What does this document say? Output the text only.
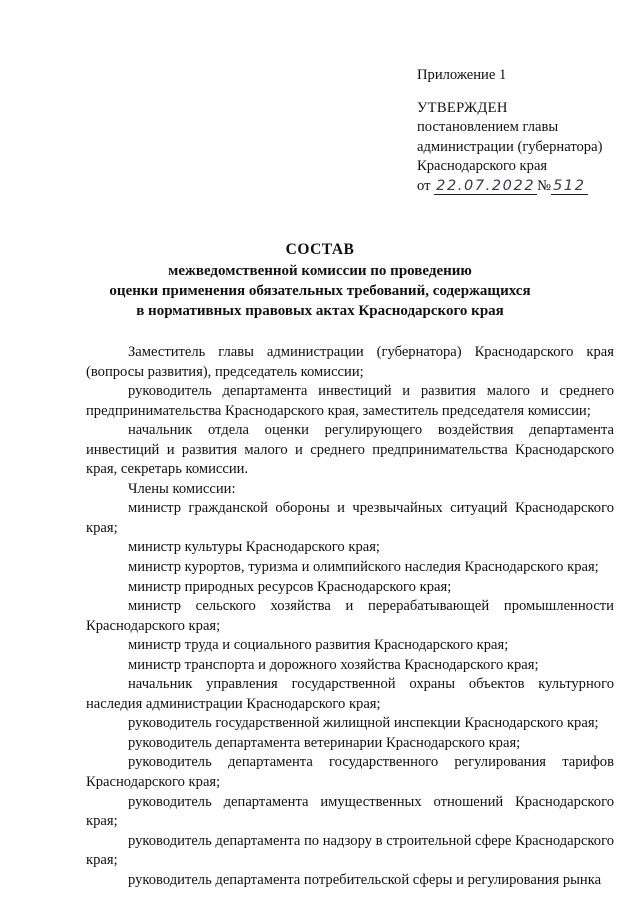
Приложение 1
УТВЕРЖДЕН
постановлением главы
администрации (губернатора)
Краснодарского края
от 22.07.2022 № 512
СОСТАВ
межведомственной комиссии по проведению
оценки применения обязательных требований, содержащихся
в нормативных правовых актах Краснодарского края

Заместитель главы администрации (губернатора) Краснодарского края (вопросы развития), председатель комиссии;

руководитель департамента инвестиций и развития малого и среднего предпринимательства Краснодарского края, заместитель председателя комиссии;

начальник отдела оценки регулирующего воздействия департамента инвестиций и развития малого и среднего предпринимательства Краснодарского края, секретарь комиссии.

Члены комиссии:

министр гражданской обороны и чрезвычайных ситуаций Краснодарского края;

министр культуры Краснодарского края;

министр курортов, туризма и олимпийского наследия Краснодарского края;

министр природных ресурсов Краснодарского края;

министр сельского хозяйства и перерабатывающей промышленности Краснодарского края;

министр труда и социального развития Краснодарского края;

министр транспорта и дорожного хозяйства Краснодарского края;

начальник управления государственной охраны объектов культурного наследия администрации Краснодарского края;

руководитель государственной жилищной инспекции Краснодарского края;

руководитель департамента ветеринарии Краснодарского края;

руководитель департамента государственного регулирования тарифов Краснодарского края;

руководитель департамента имущественных отношений Краснодарского края;

руководитель департамента по надзору в строительной сфере Краснодарского края;

руководитель департамента потребительской сферы и регулирования рынка
